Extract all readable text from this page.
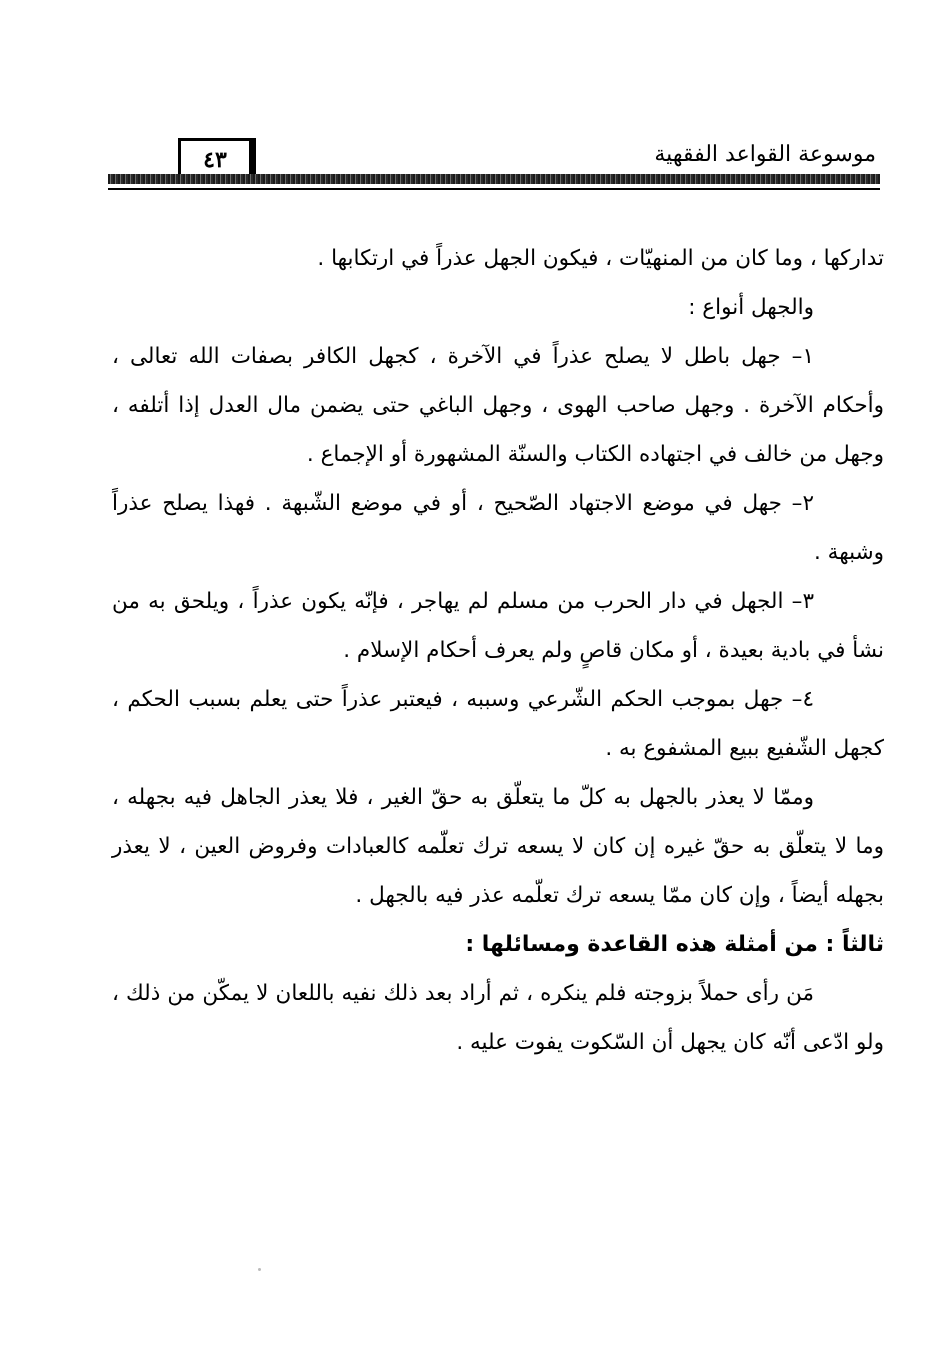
٤٣	موسوعة القواعد الفقهية

تداركها ، وما كان من المنهيّات ، فيكون الجهل عذراً في ارتكابها .

والجهل أنواع :

١– جهل باطل لا يصلح عذراً في الآخرة ، كجهل الكافر بصفات الله تعالى ، وأحكام الآخرة . وجهل صاحب الهوى ، وجهل الباغي حتى يضمن مال العدل إذا أتلفه ، وجهل من خالف في اجتهاده الكتاب والسنّة المشهورة أو الإجماع .

٢– جهل في موضع الاجتهاد الصّحيح ، أو في موضع الشّبهة . فهذا يصلح عذراً وشبهة .

٣– الجهل في دار الحرب من مسلم لم يهاجر ، فإنّه يكون عذراً ، ويلحق به من نشأ في بادية بعيدة ، أو مكان قاصٍ ولم يعرف أحكام الإسلام .

٤– جهل بموجب الحكم الشّرعي وسببه ، فيعتبر عذراً حتى يعلم بسبب الحكم ، كجهل الشّفيع ببيع المشفوع به .

وممّا لا يعذر بالجهل به كلّ ما يتعلّق به حقّ الغير ، فلا يعذر الجاهل فيه بجهله ، وما لا يتعلّق به حقّ غيره إن كان لا يسعه ترك تعلّمه كالعبادات وفروض العين ، لا يعذر بجهله أيضاً ، وإن كان ممّا يسعه ترك تعلّمه عذر فيه بالجهل .

ثالثاً : من أمثلة هذه القاعدة ومسائلها :

مَن رأى حملاً بزوجته فلم ينكره ، ثم أراد بعد ذلك نفيه باللعان لا يمكّن من ذلك ، ولو ادّعى أنّه كان يجهل أن السّكوت يفوت عليه .
